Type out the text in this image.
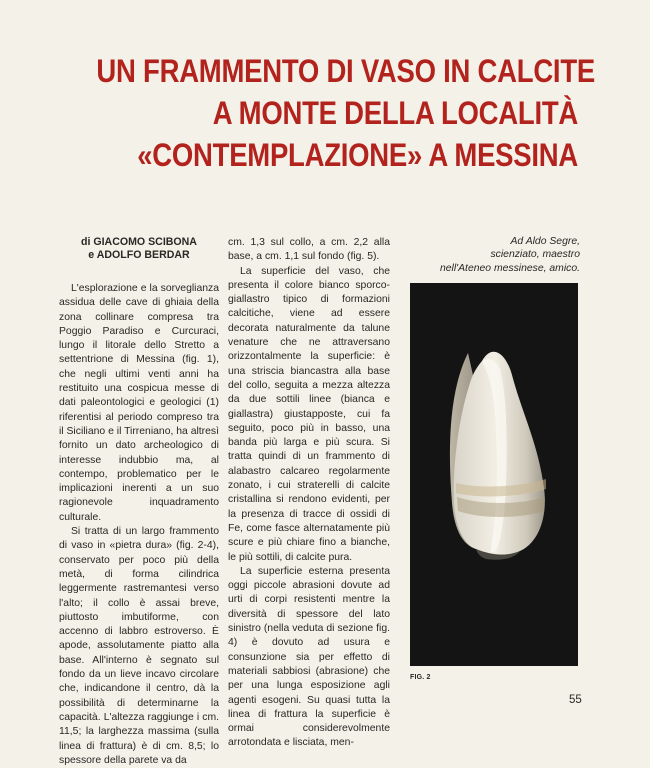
UN FRAMMENTO DI VASO IN CALCITE
A MONTE DELLA LOCALITÀ
«CONTEMPLAZIONE» A MESSINA
di GIACOMO SCIBONA
e ADOLFO BERDAR

L'esplorazione e la sorveglianza assidua delle cave di ghiaia della zona collinare compresa tra Poggio Paradiso e Curcuraci, lungo il litorale dello Stretto a settentrione di Messina (fig. 1), che negli ultimi venti anni ha restituito una cospicua messe di dati paleontologici e geologici (1) riferentisi al periodo compreso tra il Siciliano e il Tirreniano, ha altresì fornito un dato archeologico di interesse indubbio ma, al contempo, problematico per le implicazioni inerenti a un suo ragionevole inquadramento culturale.

Si tratta di un largo frammento di vaso in «pietra dura» (fig. 2-4), conservato per poco più della metà, di forma cilindrica leggermente rastremantesi verso l'alto; il collo è assai breve, piuttosto imbutiforme, con accenno di labbro estroverso. È apode, assolutamente piatto alla base. All'interno è segnato sul fondo da un lieve incavo circolare che, indicandone il centro, dà la possibilità di determinarne la capacità. L'altezza raggiunge i cm. 11,5; la larghezza massima (sulla linea di frattura) è di cm. 8,5; lo spessore della parete va da

cm. 1,3 sul collo, a cm. 2,2 alla base, a cm. 1,1 sul fondo (fig. 5).

La superficie del vaso, che presenta il colore bianco sporco-giallastro tipico di formazioni calcitiche, viene ad essere decorata naturalmente da talune venature che ne attraversano orizzontalmente la superficie: è una striscia biancastra alla base del collo, seguita a mezza altezza da due sottili linee (bianca e giallastra) giustapposte, cui fa seguito, poco più in basso, una banda più larga e più scura. Si tratta quindi di un frammento di alabastro calcareo regolarmente zonato, i cui straterelli di calcite cristallina si rendono evidenti, per la presenza di tracce di ossidi di Fe, come fasce alternatamente più scure e più chiare fino a bianche, le più sottili, di calcite pura.

La superficie esterna presenta oggi piccole abrasioni dovute ad urti di corpi resistenti mentre la diversità di spessore del lato sinistro (nella veduta di sezione fig. 4) è dovuto ad usura e consunzione sia per effetto di materiali sabbiosi (abrasione) che per una lunga esposizione agli agenti esogeni. Su quasi tutta la linea di frattura la superficie è ormai considerevolmente arrotondata e lisciata, men-

Ad Aldo Segre,
scienziato, maestro
nell'Ateneo messinese, amico.
FIG. 2
55
